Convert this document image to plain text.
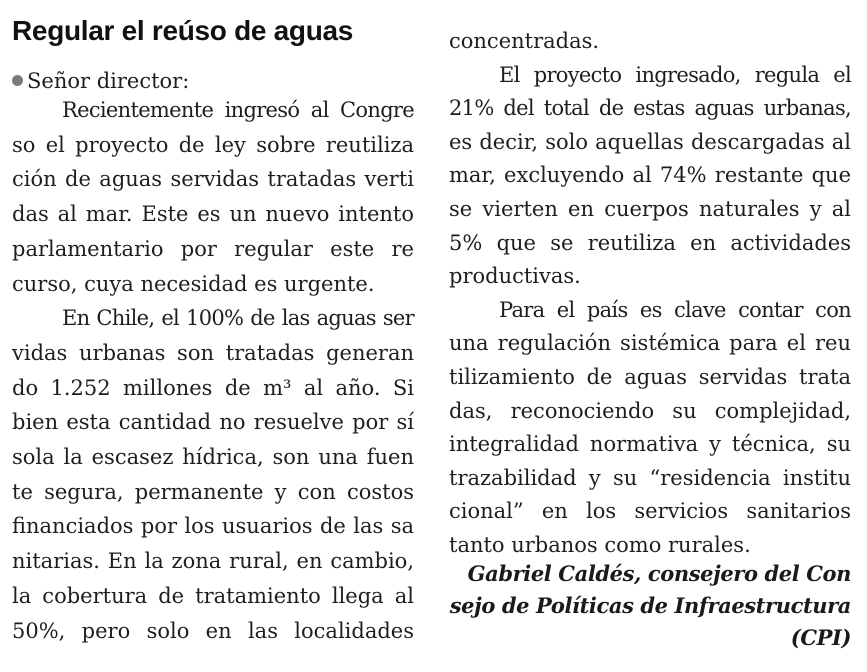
Regular el reúso de aguas
Señor director:
Recientemente ingresó al Congre
so el proyecto de ley sobre reutiliza
ción de aguas servidas tratadas verti
das al mar. Este es un nuevo intento
parlamentario por regular este re
curso, cuya necesidad es urgente.
En Chile, el 100% de las aguas ser
vidas urbanas son tratadas generan
do 1.252 millones de m³ al año. Si
bien esta cantidad no resuelve por sí
sola la escasez hídrica, son una fuen
te segura, permanente y con costos
financiados por los usuarios de las sa
nitarias. En la zona rural, en cambio,
la cobertura de tratamiento llega al
50%, pero solo en las localidades
concentradas.
El proyecto ingresado, regula el
21% del total de estas aguas urbanas,
es decir, solo aquellas descargadas al
mar, excluyendo al 74% restante que
se vierten en cuerpos naturales y al
5% que se reutiliza en actividades
productivas.
Para el país es clave contar con
una regulación sistémica para el reu
tilizamiento de aguas servidas trata
das, reconociendo su complejidad,
integralidad normativa y técnica, su
trazabilidad y su “residencia institu
cional” en los servicios sanitarios
tanto urbanos como rurales.
Gabriel Caldés, consejero del Con
sejo de Políticas de Infraestructura
(CPI)
